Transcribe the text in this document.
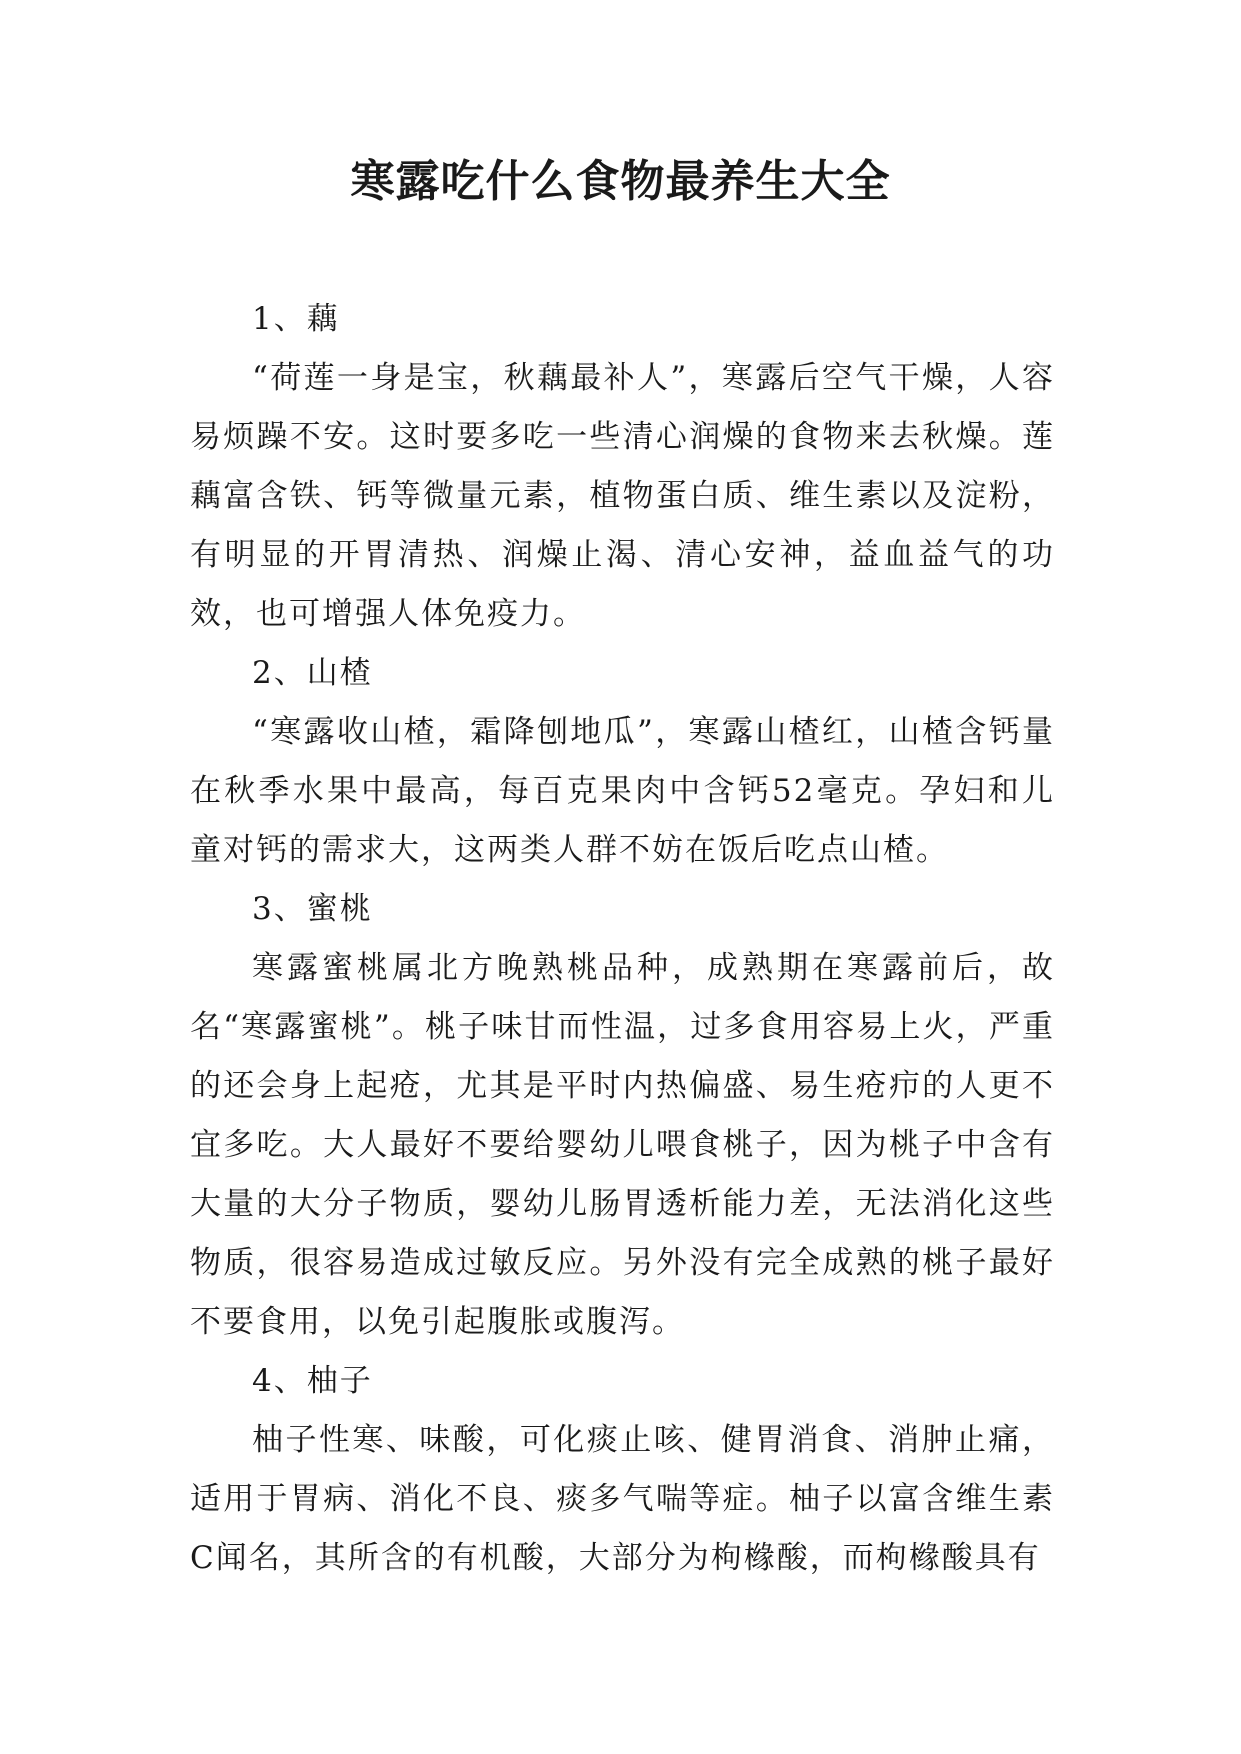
寒露吃什么食物最养生大全

1、藕

“荷莲一身是宝，秋藕最补人”，寒露后空气干燥，人容易烦躁不安。这时要多吃一些清心润燥的食物来去秋燥。莲藕富含铁、钙等微量元素，植物蛋白质、维生素以及淀粉，有明显的开胃清热、润燥止渴、清心安神，益血益气的功效，也可增强人体免疫力。

2、山楂

“寒露收山楂，霜降刨地瓜”，寒露山楂红，山楂含钙量在秋季水果中最高，每百克果肉中含钙52毫克。孕妇和儿童对钙的需求大，这两类人群不妨在饭后吃点山楂。

3、蜜桃

寒露蜜桃属北方晚熟桃品种，成熟期在寒露前后，故名“寒露蜜桃”。桃子味甘而性温，过多食用容易上火，严重的还会身上起疮，尤其是平时内热偏盛、易生疮疖的人更不宜多吃。大人最好不要给婴幼儿喂食桃子，因为桃子中含有大量的大分子物质，婴幼儿肠胃透析能力差，无法消化这些物质，很容易造成过敏反应。另外没有完全成熟的桃子最好不要食用，以免引起腹胀或腹泻。

4、柚子

柚子性寒、味酸，可化痰止咳、健胃消食、消肿止痛，适用于胃病、消化不良、痰多气喘等症。柚子以富含维生素C闻名，其所含的有机酸，大部分为枸橼酸，而枸橼酸具有
